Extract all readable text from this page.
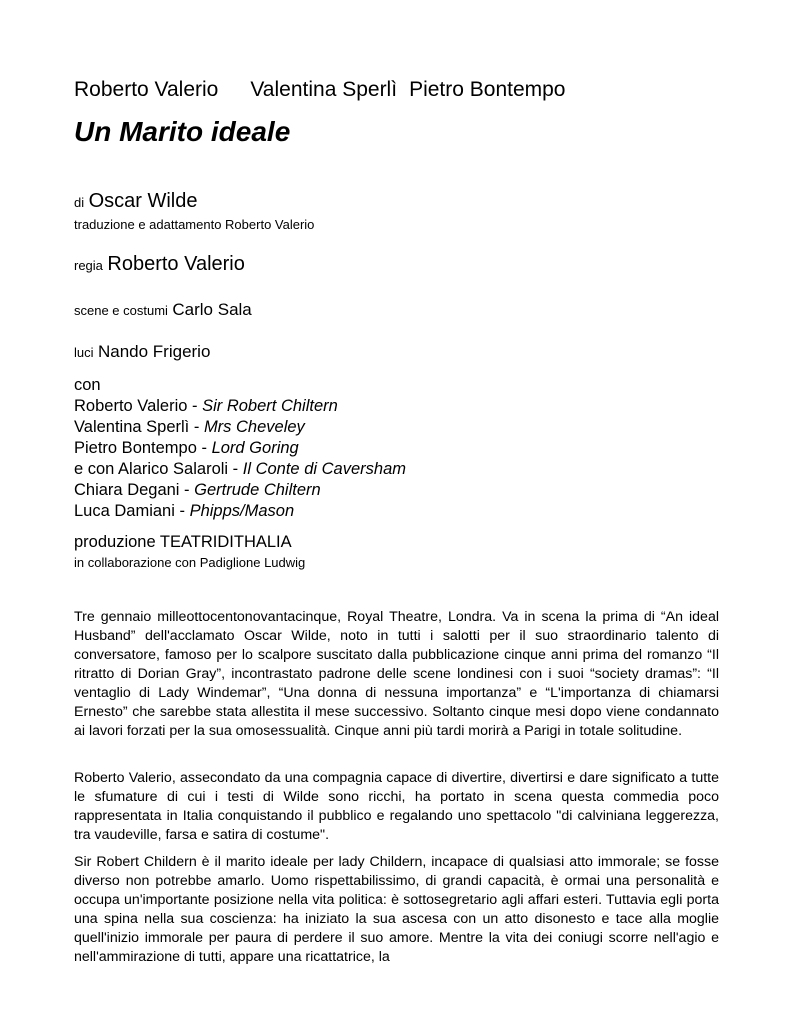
Roberto Valerio Valentina Sperlì Pietro Bontempo
Un Marito ideale
di Oscar Wilde
traduzione e adattamento Roberto Valerio
regia Roberto Valerio
scene e costumi Carlo Sala
luci Nando Frigerio
con
Roberto Valerio - Sir Robert Chiltern
Valentina Sperlì - Mrs Cheveley
Pietro Bontempo - Lord Goring
e con Alarico Salaroli - Il Conte di Caversham
Chiara Degani - Gertrude Chiltern
Luca Damiani - Phipps/Mason
produzione TEATRIDITHALIA
in collaborazione con Padiglione Ludwig
Tre gennaio milleottocentonovantacinque, Royal Theatre, Londra. Va in scena la prima di “An ideal Husband” dell'acclamato Oscar Wilde, noto in tutti i salotti per il suo straordinario talento di conversatore, famoso per lo scalpore suscitato dalla pubblicazione cinque anni prima del romanzo “Il ritratto di Dorian Gray”, incontrastato padrone delle scene londinesi con i suoi “society dramas”: “Il ventaglio di Lady Windemar”, “Una donna di nessuna importanza” e “L'importanza di chiamarsi Ernesto” che sarebbe stata allestita il mese successivo. Soltanto cinque mesi dopo viene condannato ai lavori forzati per la sua omosessualità. Cinque anni più tardi morirà a Parigi in totale solitudine.
Roberto Valerio, assecondato da una compagnia capace di divertire, divertirsi e dare significato a tutte le sfumature di cui i testi di Wilde sono ricchi, ha portato in scena questa commedia poco rappresentata in Italia conquistando il pubblico e regalando uno spettacolo "di calviniana leggerezza, tra vaudeville, farsa e satira di costume".
Sir Robert Childern è il marito ideale per lady Childern, incapace di qualsiasi atto immorale; se fosse diverso non potrebbe amarlo. Uomo rispettabilissimo, di grandi capacità, è ormai una personalità e occupa un'importante posizione nella vita politica: è sottosegretario agli affari esteri. Tuttavia egli porta una spina nella sua coscienza: ha iniziato la sua ascesa con un atto disonesto e tace alla moglie quell'inizio immorale per paura di perdere il suo amore. Mentre la vita dei coniugi scorre nell'agio e nell'ammirazione di tutti, appare una ricattatrice, la
